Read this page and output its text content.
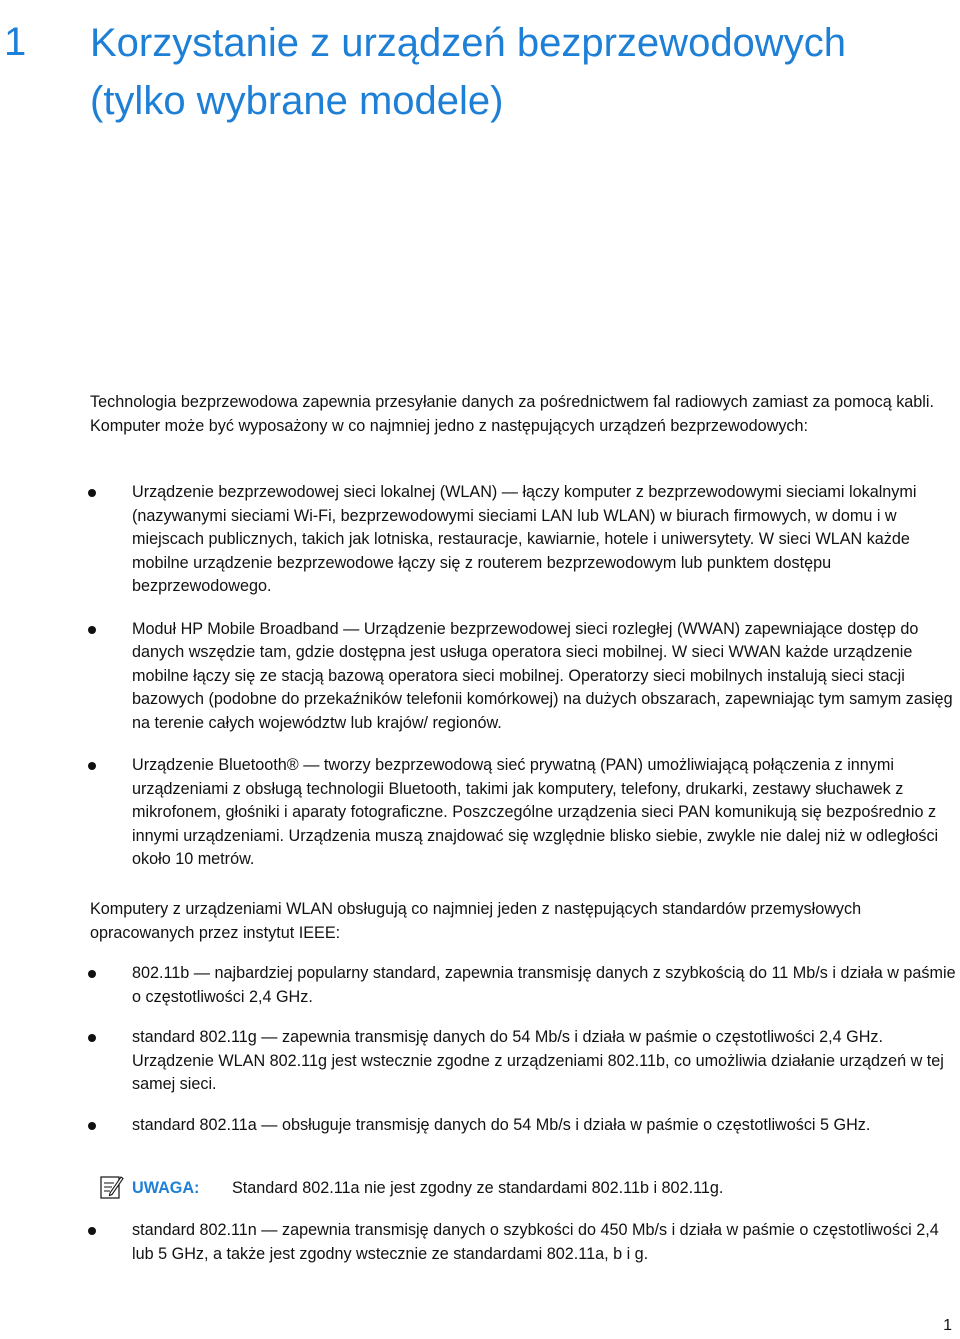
1 Korzystanie z urządzeń bezprzewodowych (tylko wybrane modele)

Technologia bezprzewodowa zapewnia przesyłanie danych za pośrednictwem fal radiowych zamiast za pomocą kabli. Komputer może być wyposażony w co najmniej jedno z następujących urządzeń bezprzewodowych:

Urządzenie bezprzewodowej sieci lokalnej (WLAN) — łączy komputer z bezprzewodowymi sieciami lokalnymi (nazywanymi sieciami Wi-Fi, bezprzewodowymi sieciami LAN lub WLAN) w biurach firmowych, w domu i w miejscach publicznych, takich jak lotniska, restauracje, kawiarnie, hotele i uniwersytety. W sieci WLAN każde mobilne urządzenie bezprzewodowe łączy się z routerem bezprzewodowym lub punktem dostępu bezprzewodowego.
Moduł HP Mobile Broadband — Urządzenie bezprzewodowej sieci rozległej (WWAN) zapewniające dostęp do danych wszędzie tam, gdzie dostępna jest usługa operatora sieci mobilnej. W sieci WWAN każde urządzenie mobilne łączy się ze stacją bazową operatora sieci mobilnej. Operatorzy sieci mobilnych instalują sieci stacji bazowych (podobne do przekaźników telefonii komórkowej) na dużych obszarach, zapewniając tym samym zasięg na terenie całych województw lub krajów/ regionów.
Urządzenie Bluetooth® — tworzy bezprzewodową sieć prywatną (PAN) umożliwiającą połączenia z innymi urządzeniami z obsługą technologii Bluetooth, takimi jak komputery, telefony, drukarki, zestawy słuchawek z mikrofonem, głośniki i aparaty fotograficzne. Poszczególne urządzenia sieci PAN komunikują się bezpośrednio z innymi urządzeniami. Urządzenia muszą znajdować się względnie blisko siebie, zwykle nie dalej niż w odległości około 10 metrów.

Komputery z urządzeniami WLAN obsługują co najmniej jeden z następujących standardów przemysłowych opracowanych przez instytut IEEE:

802.11b — najbardziej popularny standard, zapewnia transmisję danych z szybkością do 11 Mb/s i działa w paśmie o częstotliwości 2,4 GHz.
standard 802.11g — zapewnia transmisję danych do 54 Mb/s i działa w paśmie o częstotliwości 2,4 GHz. Urządzenie WLAN 802.11g jest wstecznie zgodne z urządzeniami 802.11b, co umożliwia działanie urządzeń w tej samej sieci.
standard 802.11a — obsługuje transmisję danych do 54 Mb/s i działa w paśmie o częstotliwości 5 GHz.
UWAGA: Standard 802.11a nie jest zgodny ze standardami 802.11b i 802.11g.
standard 802.11n — zapewnia transmisję danych o szybkości do 450 Mb/s i działa w paśmie o częstotliwości 2,4 lub 5 GHz, a także jest zgodny wstecznie ze standardami 802.11a, b i g.
1
